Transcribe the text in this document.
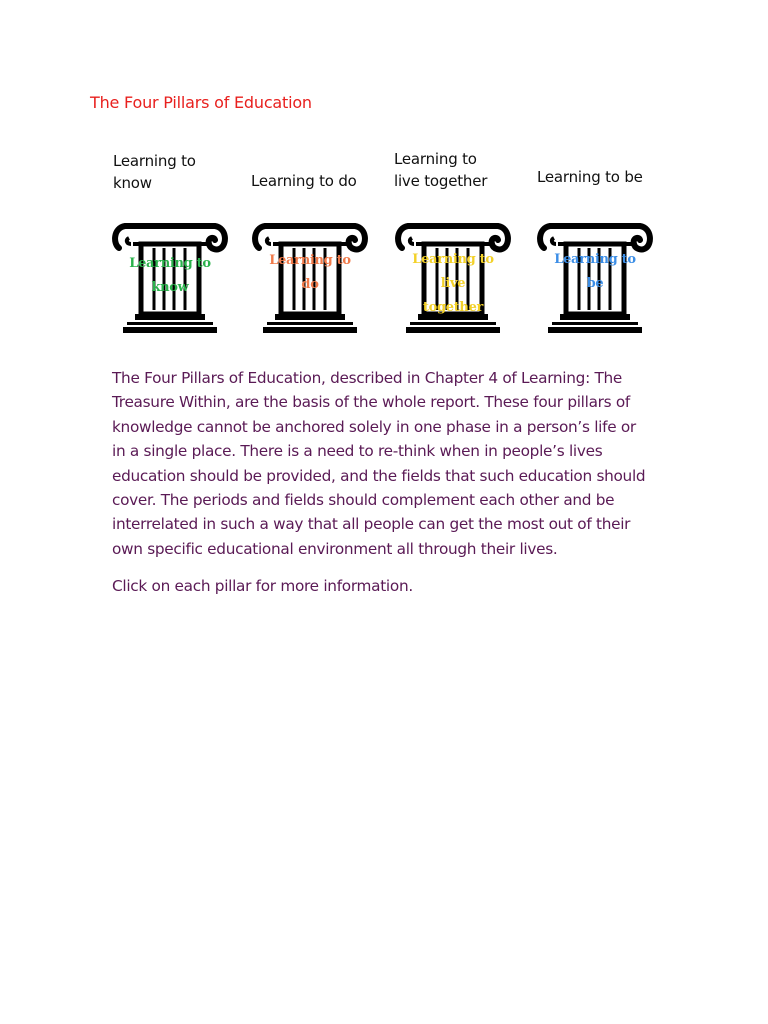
The Four Pillars of Education
Learning to
know	Learning to do
Learning to
live together	Learning to be
Learning to
know
Learning to
do
Learning to
live
together
Learning to
be

The Four Pillars of Education, described in Chapter 4 of Learning: The Treasure Within, are the basis of the whole report. These four pillars of knowledge cannot be anchored solely in one phase in a person’s life or in a single place. There is a need to re-think when in people’s lives education should be provided, and the fields that such education should cover. The periods and fields should complement each other and be interrelated in such a way that all people can get the most out of their own specific educational environment all through their lives.

Click on each pillar for more information.
